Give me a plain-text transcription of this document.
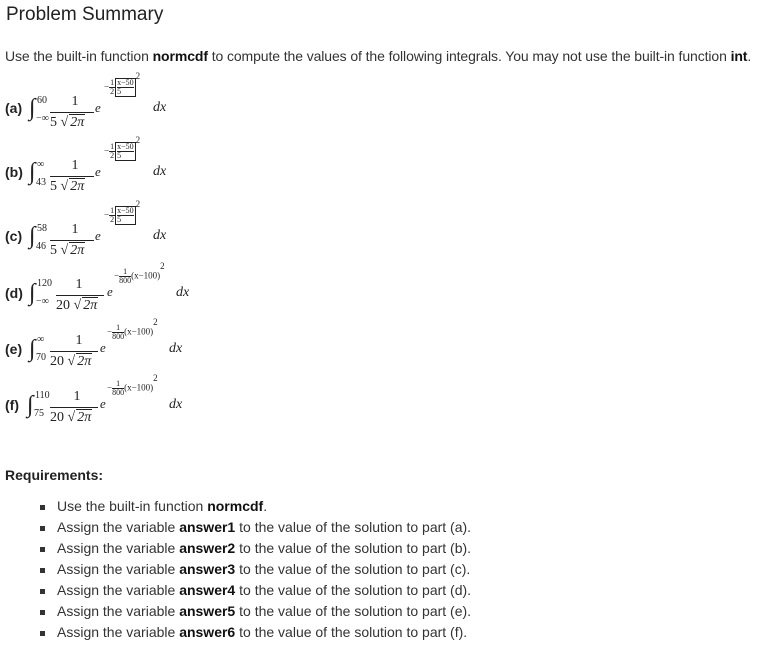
Problem Summary
Use the built-in function normcdf to compute the values of the following integrals. You may not use the built-in function int.
(a) ∫ 60
−∞
1
5 √ 2π
e
− $\frac{1}{2} \frac{x-50}{5}2$
dx
(b) ∫ ∞
43
1
5 √ 2π
e
− $\frac{1}{2} \frac{x-50}{5}2$
dx
(c) ∫ 58
46
1
5 √ 2π
e
− $\frac{1}{2} \frac{x-50}{5}2$
dx
(d) ∫ 120
−∞
1
20 √ 2π
e
− $\frac{1}{800} (x-100)2$
dx
(e) ∫ ∞
70
1
20 √ 2π
e
− $\frac{1}{800} (x-100)2$
dx
(f) ∫ 110
75
1
20 √ 2π
e
− $\frac{1}{800} (x-100)2$
dx
Requirements:
Use the built-in function normcdf.
Assign the variable answer1 to the value of the solution to part (a).
Assign the variable answer2 to the value of the solution to part (b).
Assign the variable answer3 to the value of the solution to part (c).
Assign the variable answer4 to the value of the solution to part (d).
Assign the variable answer5 to the value of the solution to part (e).
Assign the variable answer6 to the value of the solution to part (f).
